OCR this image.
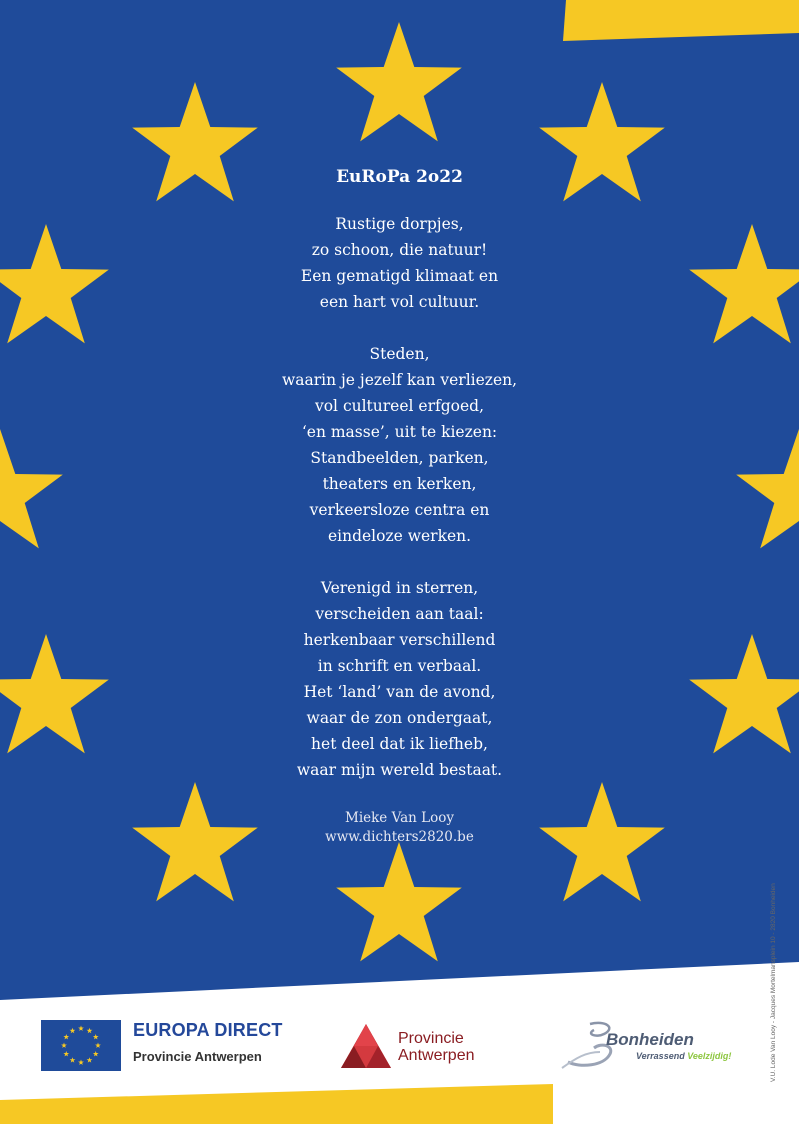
EuRoPa 2o22
Rustige dorpjes,
zo schoon, die natuur!
Een gematigd klimaat en
een hart vol cultuur.
Steden,
waarin je jezelf kan verliezen,
vol cultureel erfgoed,
‘en masse’, uit te kiezen:
Standbeelden, parken,
theaters en kerken,
verkeersloze centra en
eindeloze werken.
Verenigd in sterren,
verscheiden aan taal:
herkenbaar verschillend
in schrift en verbaal.
Het ‘land’ van de avond,
waar de zon ondergaat,
het deel dat ik liefheb,
waar mijn wereld bestaat.
Mieke Van Looy
www.dichters2820.be
V.U. Lode Van Looy - Jacques Mortelmansplein 10 - 2820 Bonheiden
EUROPA DIRECT
Provincie Antwerpen
Provincie
Antwerpen
Bonheiden
Verrassend Veelzijdig!
